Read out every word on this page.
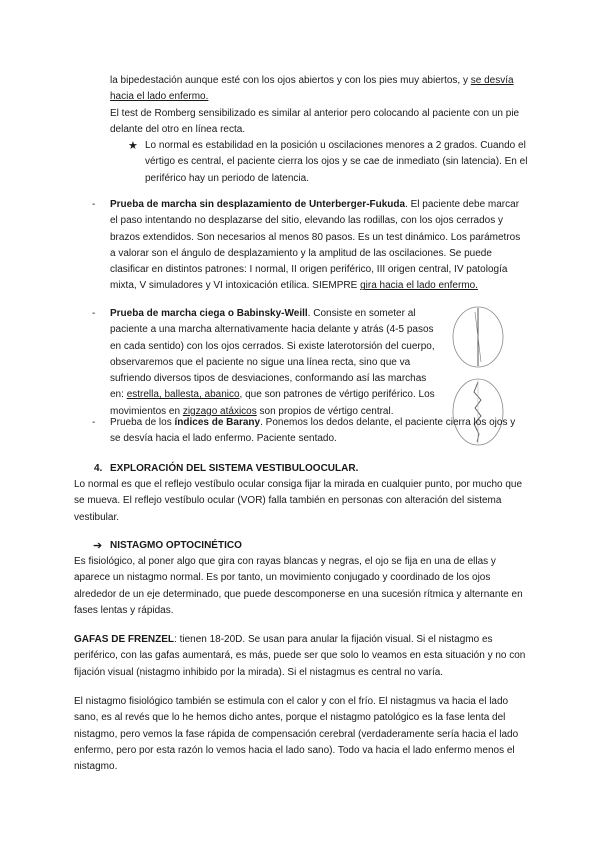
la bipedestación aunque esté con los ojos abiertos y con los pies muy abiertos, y se desvía hacia el lado enfermo.

El test de Romberg sensibilizado es similar al anterior pero colocando al paciente con un pie delante del otro en línea recta.

★ Lo normal es estabilidad en la posición u oscilaciones menores a 2 grados. Cuando el vértigo es central, el paciente cierra los ojos y se cae de inmediato (sin latencia). En el periférico hay un periodo de latencia.

- Prueba de marcha sin desplazamiento de Unterberger-Fukuda. El paciente debe marcar el paso intentando no desplazarse del sitio, elevando las rodillas, con los ojos cerrados y brazos extendidos. Son necesarios al menos 80 pasos. Es un test dinámico. Los parámetros a valorar son el ángulo de desplazamiento y la amplitud de las oscilaciones. Se puede clasificar en distintos patrones: I normal, II origen periférico, III origen central, IV patología mixta, V simuladores y VI intoxicación etílica. SIEMPRE gira hacia el lado enfermo.

- Prueba de marcha ciega o Babinsky-Weill. Consiste en someter al paciente a una marcha alternativamente hacia delante y atrás (4-5 pasos en cada sentido) con los ojos cerrados. Si existe laterotorsión del cuerpo, observaremos que el paciente no sigue una línea recta, sino que va sufriendo diversos tipos de desviaciones, conformando así las marchas en: estrella, ballesta, abanico, que son patrones de vértigo periférico. Los movimientos en zigzago atáxicos son propios de vértigo central.

- Prueba de los índices de Barany. Ponemos los dedos delante, el paciente cierra los ojos y se desvía hacia el lado enfermo. Paciente sentado.

4. EXPLORACIÓN DEL SISTEMA VESTIBULOOCULAR.

Lo normal es que el reflejo vestíbulo ocular consiga fijar la mirada en cualquier punto, por mucho que se mueva. El reflejo vestíbulo ocular (VOR) falla también en personas con alteración del sistema vestibular.

➔ NISTAGMO OPTOCINÉTICO

Es fisiológico, al poner algo que gira con rayas blancas y negras, el ojo se fija en una de ellas y aparece un nistagmo normal. Es por tanto, un movimiento conjugado y coordinado de los ojos alrededor de un eje determinado, que puede descomponerse en una sucesión rítmica y alternante en fases lentas y rápidas.

GAFAS DE FRENZEL: tienen 18-20D. Se usan para anular la fijación visual. Si el nistagmo es periférico, con las gafas aumentará, es más, puede ser que solo lo veamos en esta situación y no con fijación visual (nistagmo inhibido por la mirada). Si el nistagmus es central no varía.

El nistagmo fisiológico también se estimula con el calor y con el frío. El nistagmus va hacia el lado sano, es al revés que lo he hemos dicho antes, porque el nistagmo patológico es la fase lenta del nistagmo, pero vemos la fase rápida de compensación cerebral (verdaderamente sería hacia el lado enfermo, pero por esta razón lo vemos hacia el lado sano). Todo va hacia el lado enfermo menos el nistagmo.
